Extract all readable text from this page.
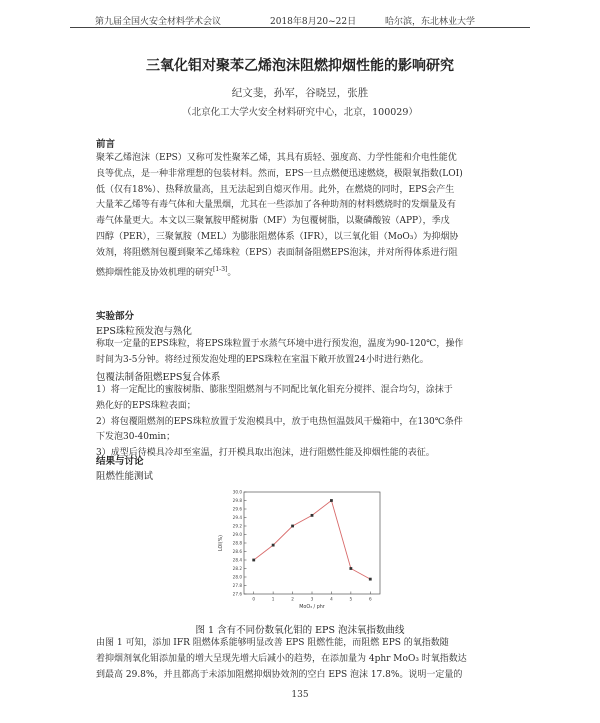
第九届全国火安全材料学术会议	2018年8月20~22日	哈尔滨，东北林业大学
三氧化钼对聚苯乙烯泡沫阻燃抑烟性能的影响研究
纪文斐，孙军，谷晓昱，张胜
（北京化工大学火安全材料研究中心，北京，100029）
前言
聚苯乙烯泡沫（EPS）又称可发性聚苯乙烯，其具有质轻、强度高、力学性能和介电性能优
良等优点，是一种非常理想的包装材料。然而，EPS一旦点燃便迅速燃烧，极限氧指数(LOI)
低（仅有18%）、热释放量高，且无法起到自熄灭作用。此外，在燃烧的同时，EPS会产生
大量苯乙烯等有毒气体和大量黑烟，尤其在一些添加了各种助剂的材料燃烧时的发烟量及有
毒气体量更大。本文以三聚氰胺甲醛树脂（MF）为包覆树脂，以聚磷酸铵（APP），季戊
四醇（PER），三聚氰胺（MEL）为膨胀阻燃体系（IFR），以三氧化钼（MoO₃）为抑烟协
效剂，将阻燃剂包覆到聚苯乙烯珠粒（EPS）表面制备阻燃EPS泡沫，并对所得体系进行阻
燃抑烟性能及协效机理的研究[1-3]。
实验部分
EPS珠粒预发泡与熟化
称取一定量的EPS珠粒，将EPS珠粒置于水蒸气环境中进行预发泡，温度为90-120℃，操作
时间为3-5分钟。将经过预发泡处理的EPS珠粒在室温下敞开放置24小时进行熟化。
包覆法制备阻燃EPS复合体系
1）将一定配比的蜜胺树脂、膨胀型阻燃剂与不同配比氧化钼充分搅拌、混合均匀，涂抹于
熟化好的EPS珠粒表面；
2）将包覆阻燃剂的EPS珠粒放置于发泡模具中，放于电热恒温鼓风干燥箱中，在130℃条件
下发泡30-40min；
3）成型后待模具冷却至室温，打开模具取出泡沫，进行阻燃性能及抑烟性能的表征。
结果与讨论
阻燃性能测试
27.6
27.8
28.0
28.2
28.4
28.6
28.8
29.0
29.2
29.4
29.6
29.8
30.0
0	1	2	3	4	5	6
MoO₃ / phr
LOI(%)
图 1 含有不同份数氧化钼的 EPS 泡沫氧指数曲线
由图 1 可知，添加 IFR 阻燃体系能够明显改善 EPS 阻燃性能，而阻燃 EPS 的氧指数随
着抑烟剂氧化钼添加量的增大呈现先增大后减小的趋势，在添加量为 4phr MoO₃ 时氧指数达
到最高 29.8%，并且都高于未添加阻燃抑烟协效剂的空白 EPS 泡沫 17.8%。说明一定量的
135
